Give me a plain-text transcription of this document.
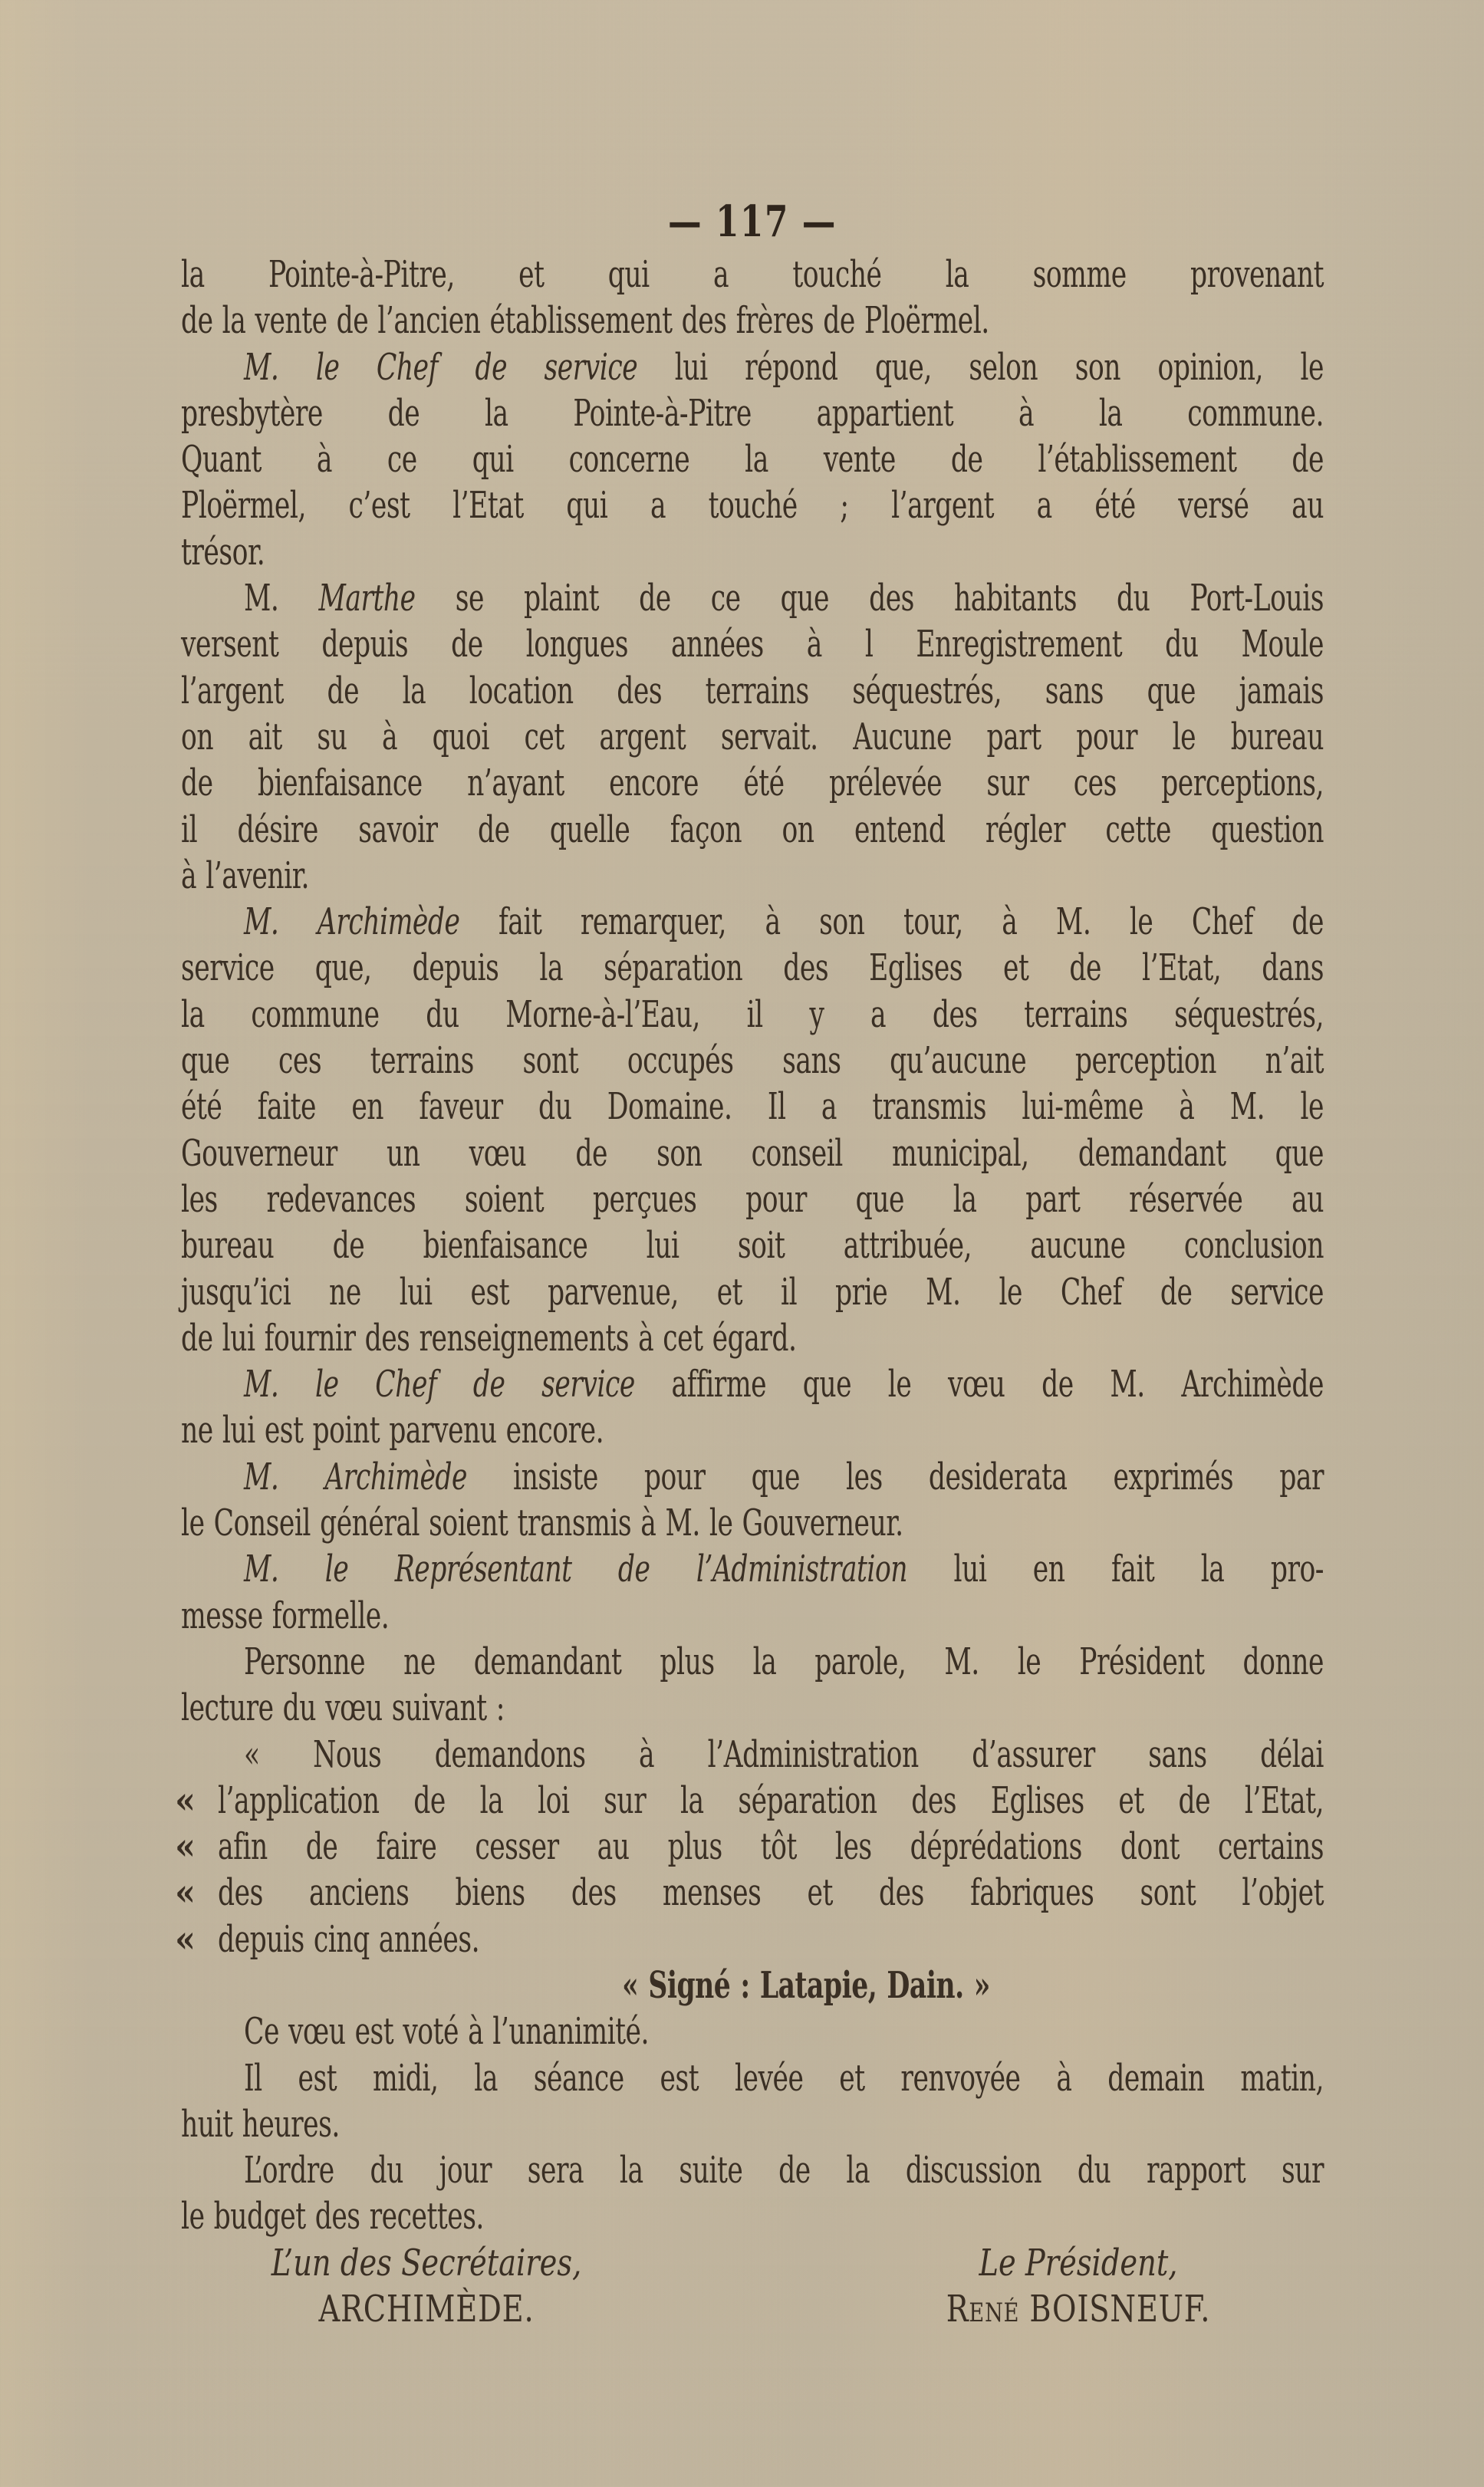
— 117 —
la Pointe-à-Pitre, et qui a touché la somme provenant
de la vente de l’ancien établissement des frères de Ploërmel.
M. le Chef de service lui répond que, selon son opinion, le
presbytère de la Pointe-à-Pitre appartient à la commune.
Quant à ce qui concerne la vente de l’établissement de
Ploërmel, c’est l’Etat qui a touché ; l’argent a été versé au
trésor.
M. Marthe se plaint de ce que des habitants du Port-Louis
versent depuis de longues années à l Enregistrement du Moule
l’argent de la location des terrains séquestrés, sans que jamais
on ait su à quoi cet argent servait. Aucune part pour le bureau
de bienfaisance n’ayant encore été prélevée sur ces perceptions,
il désire savoir de quelle façon on entend régler cette question
à l’avenir.
M. Archimède fait remarquer, à son tour, à M. le Chef de
service que, depuis la séparation des Eglises et de l’Etat, dans
la commune du Morne-à-l’Eau, il y a des terrains séquestrés,
que ces terrains sont occupés sans qu’aucune perception n’ait
été faite en faveur du Domaine. Il a transmis lui-même à M. le
Gouverneur un vœu de son conseil municipal, demandant que
les redevances soient perçues pour que la part réservée au
bureau de bienfaisance lui soit attribuée, aucune conclusion
jusqu’ici ne lui est parvenue, et il prie M. le Chef de service
de lui fournir des renseignements à cet égard.
M. le Chef de service affirme que le vœu de M. Archimède
ne lui est point parvenu encore.
M. Archimède insiste pour que les desiderata exprimés par
le Conseil général soient transmis à M. le Gouverneur.
M. le Représentant de l’Administration lui en fait la pro-
messe formelle.
Personne ne demandant plus la parole, M. le Président donne
lecture du vœu suivant :
« Nous demandons à l’Administration d’assurer sans délai
« l’application de la loi sur la séparation des Eglises et de l’Etat,
« afin de faire cesser au plus tôt les déprédations dont certains
« des anciens biens des menses et des fabriques sont l’objet
« depuis cinq années.
« Signé : Latapie, Dain. »
Ce vœu est voté à l’unanimité.
Il est midi, la séance est levée et renvoyée à demain matin,
huit heures.
L’ordre du jour sera la suite de la discussion du rapport sur
le budget des recettes.
L’un des Secrétaires,
ARCHIMÈDE.
Le Président,
René BOISNEUF.
